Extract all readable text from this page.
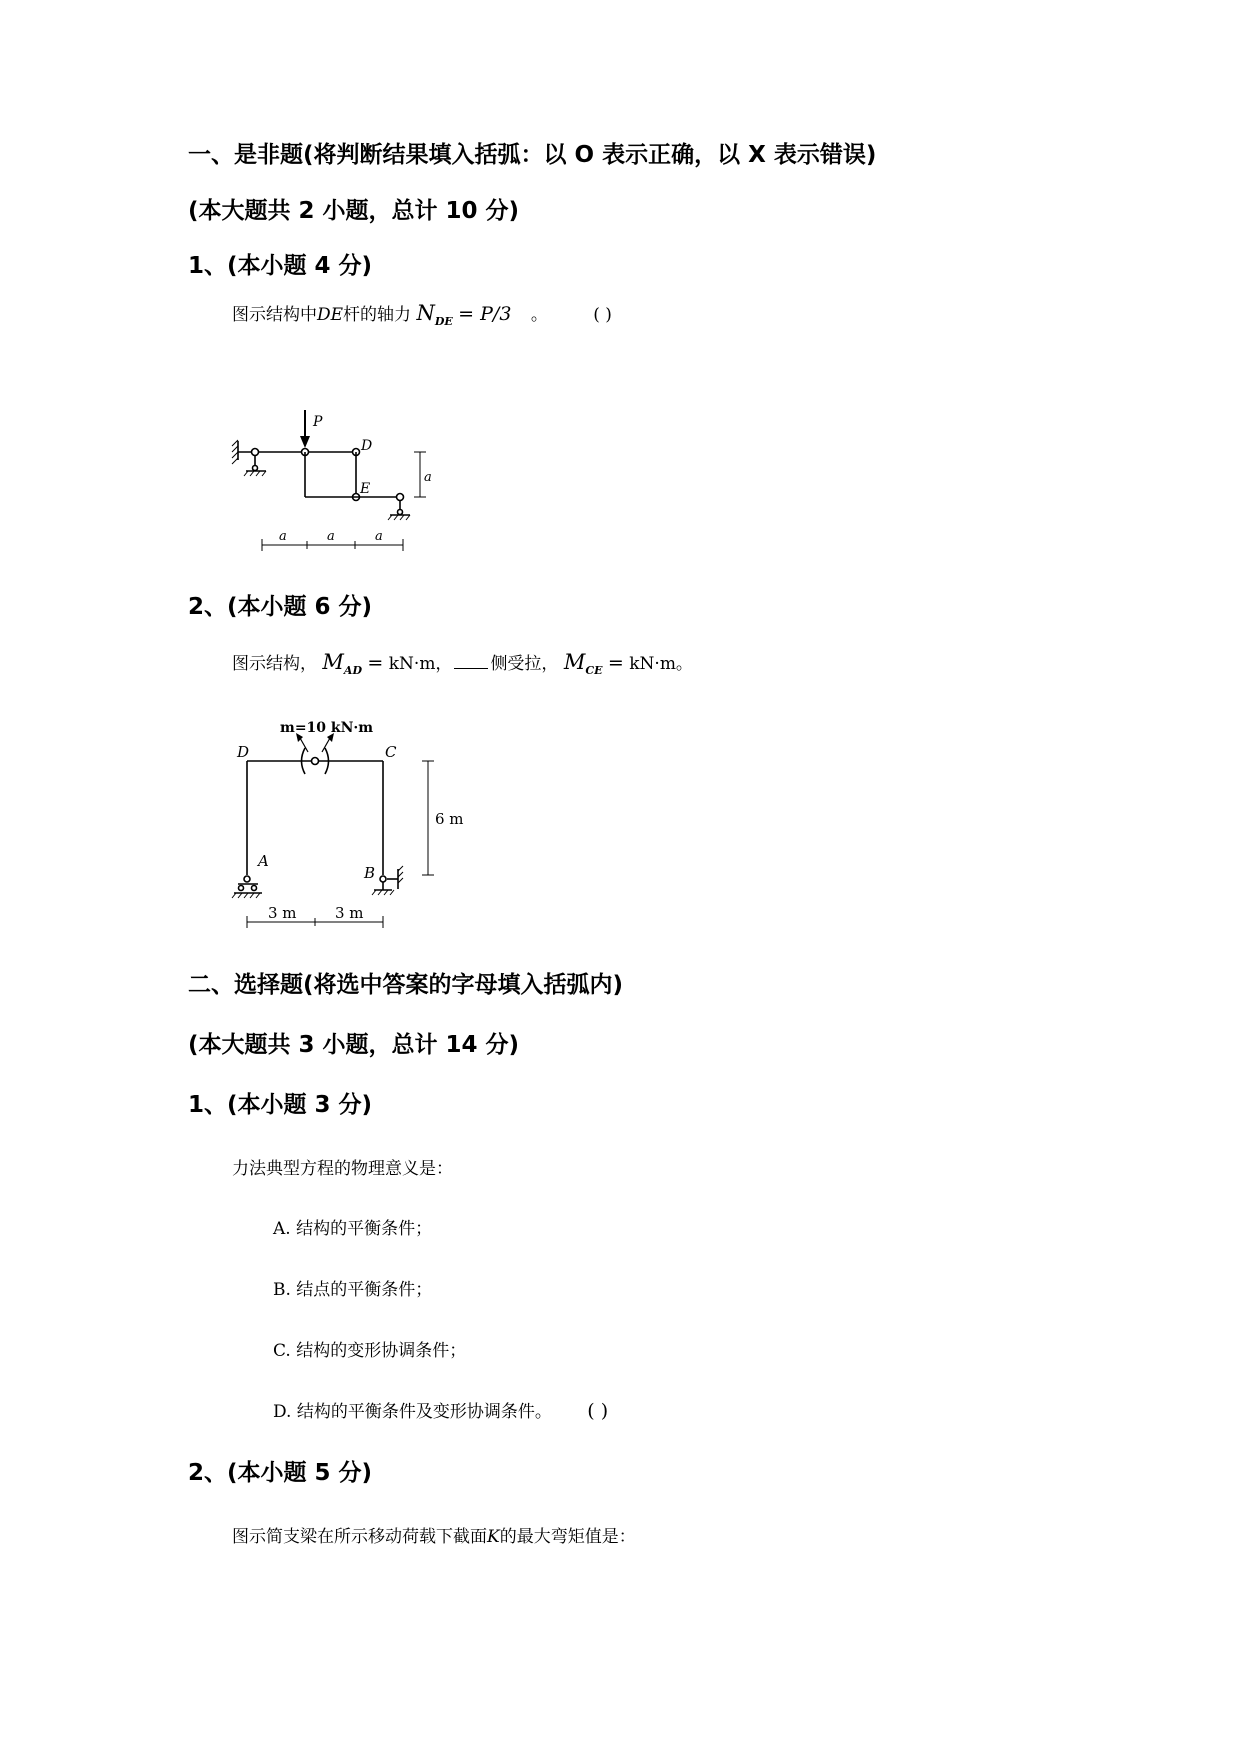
一、是非题(将判断结果填入括弧：以 O 表示正确，以 X 表示错误)
(本大题共 2 小题，总计 10 分)
1、(本小题 4 分)
图示结构中DE杆的轴力 $N_{DE} = P/3$ 。	( )
P
D
E
a
a	a	a
2、(本小题 6 分)
图示结构， $M_{AD} = kN\cdot m$， 侧受拉， $M_{CE} = kN\cdot m$。
m=10 kN·m
D	C
A
B
6 m
3 m	3 m
二、选择题(将选中答案的字母填入括弧内)
(本大题共 3 小题，总计 14 分)
1、(本小题 3 分)
力法典型方程的物理意义是：
A. 结构的平衡条件；
B. 结点的平衡条件；
C. 结构的变形协调条件；
D. 结构的平衡条件及变形协调条件。 ( )
2、(本小题 5 分)
图示简支梁在所示移动荷载下截面K的最大弯矩值是：
